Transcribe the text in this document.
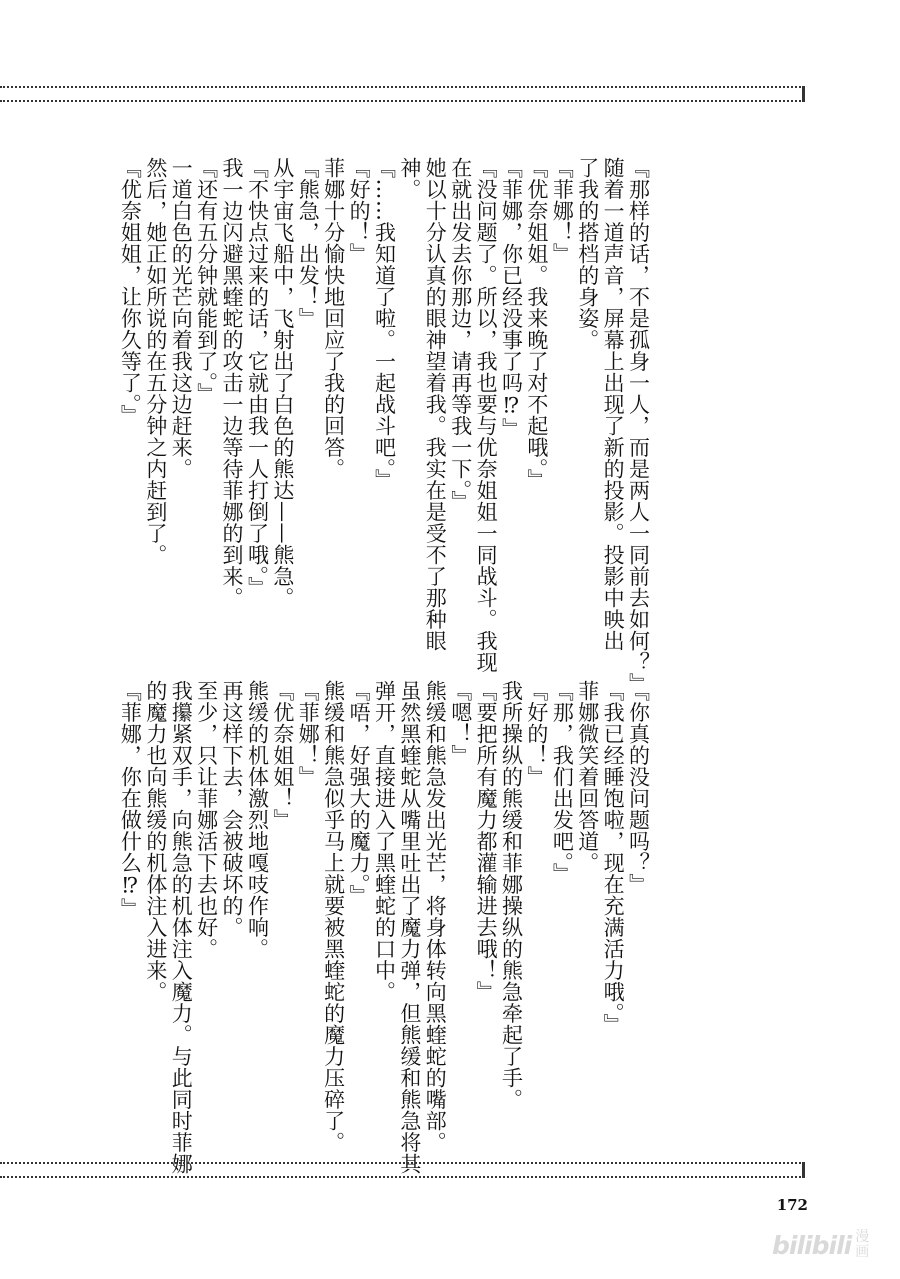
『那样的话，不是孤身一人，而是两人一同前去如何？』
随着一道声音，屏幕上出现了新的投影。投影中映出
了我的搭档的身姿。
『菲娜！』
『优奈姐姐。我来晚了对不起哦。』
『菲娜，你已经没事了吗⁉』
『没问题了。所以，我也要与优奈姐姐一同战斗。我现
在就出发去你那边，请再等我一下。』
她以十分认真的眼神望着我。我实在是受不了那种眼
神。
『……我知道了啦。一起战斗吧。』
『好的！』
菲娜十分愉快地回应了我的回答。
『熊急，出发！』
从宇宙飞船中，飞射出了白色的熊达——熊急。
『不快点过来的话，它就由我一人打倒了哦。』
我一边闪避黑蝰蛇的攻击一边等待菲娜的到来。
『还有五分钟就能到了。』
一道白色的光芒向着我这边赶来。
然后，她正如所说的在五分钟之内赶到了。
『优奈姐姐，让你久等了。』
『你真的没问题吗？』
『我已经睡饱啦，现在充满活力哦。』
菲娜微笑着回答道。
『那，我们出发吧。』
『好的！』
我所操纵的熊缓和菲娜操纵的熊急牵起了手。
『要把所有魔力都灌输进去哦！』
『嗯！』
熊缓和熊急发出光芒，将身体转向黑蝰蛇的嘴部。
虽然黑蝰蛇从嘴里吐出了魔力弹，但熊缓和熊急将其
弹开，直接进入了黑蝰蛇的口中。
『唔，好强大的魔力。』
熊缓和熊急似乎马上就要被黑蝰蛇的魔力压碎了。
『菲娜！』
『优奈姐姐！』
熊缓的机体激烈地嘎吱作响。
再这样下去，会被破坏的。
至少，只让菲娜活下去也好。
我攥紧双手，向熊急的机体注入魔力。与此同时菲娜
的魔力也向熊缓的机体注入进来。
『菲娜，你在做什么⁉』
172
bilibili 漫
画
